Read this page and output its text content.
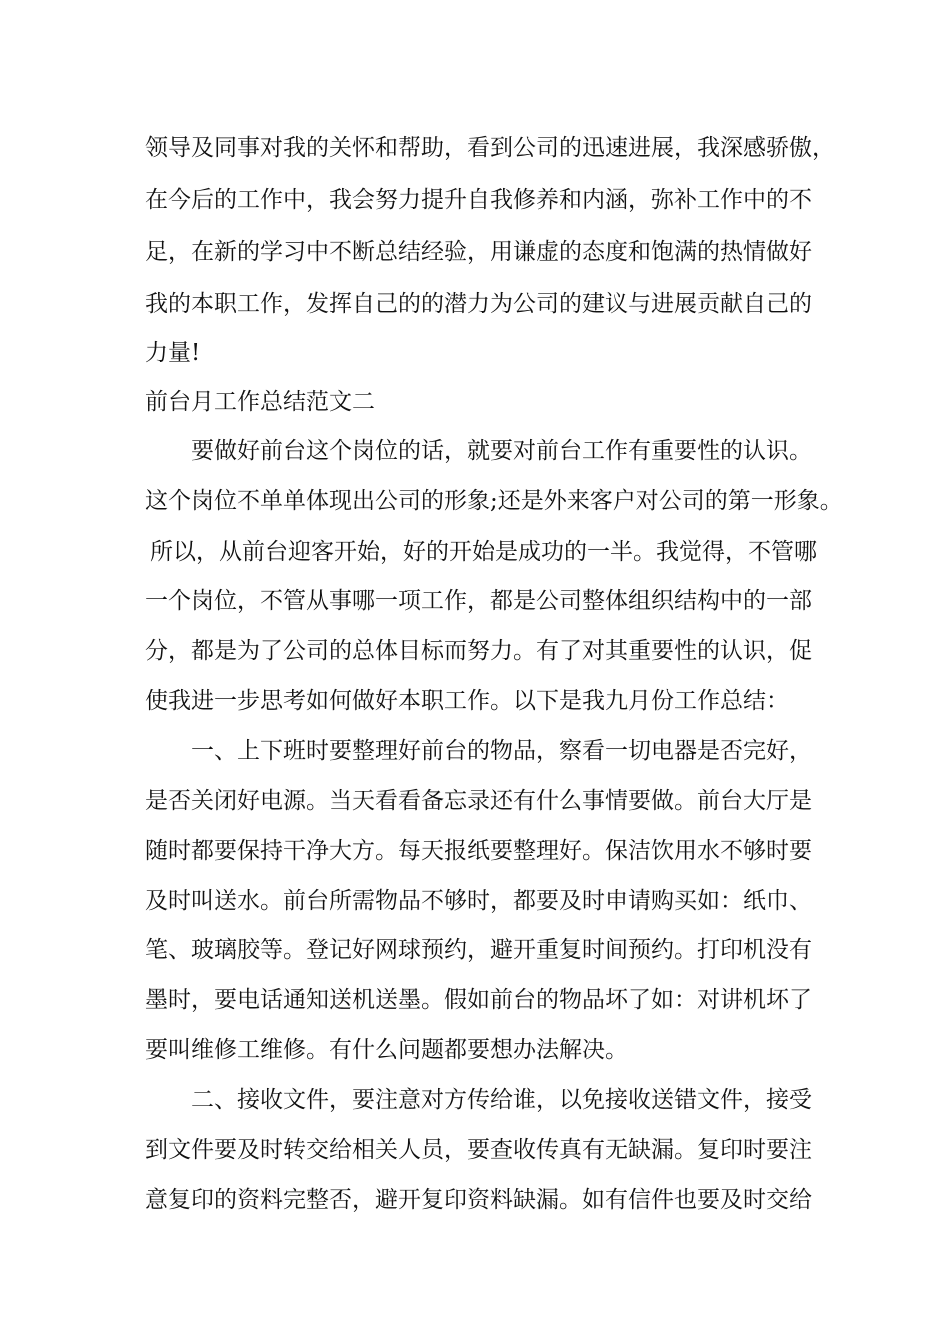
领导及同事对我的关怀和帮助，看到公司的迅速进展，我深感骄傲，
在今后的工作中，我会努力提升自我修养和内涵，弥补工作中的不
足，在新的学习中不断总结经验，用谦虚的态度和饱满的热情做好
我的本职工作，发挥自己的的潜力为公司的建议与进展贡献自己的
力量!
前台月工作总结范文二
要做好前台这个岗位的话，就要对前台工作有重要性的认识。
这个岗位不单单体现出公司的形象;还是外来客户对公司的第一形象。
所以，从前台迎客开始，好的开始是成功的一半。我觉得，不管哪
一个岗位，不管从事哪一项工作，都是公司整体组织结构中的一部
分，都是为了公司的总体目标而努力。有了对其重要性的认识，促
使我进一步思考如何做好本职工作。以下是我九月份工作总结：
一、上下班时要整理好前台的物品，察看一切电器是否完好，
是否关闭好电源。当天看看备忘录还有什么事情要做。前台大厅是
随时都要保持干净大方。每天报纸要整理好。保洁饮用水不够时要
及时叫送水。前台所需物品不够时，都要及时申请购买如：纸巾、
笔、玻璃胶等。登记好网球预约，避开重复时间预约。打印机没有
墨时，要电话通知送机送墨。假如前台的物品坏了如：对讲机坏了
要叫维修工维修。有什么问题都要想办法解决。
二、接收文件，要注意对方传给谁，以免接收送错文件，接受
到文件要及时转交给相关人员，要查收传真有无缺漏。复印时要注
意复印的资料完整否，避开复印资料缺漏。如有信件也要及时交给
